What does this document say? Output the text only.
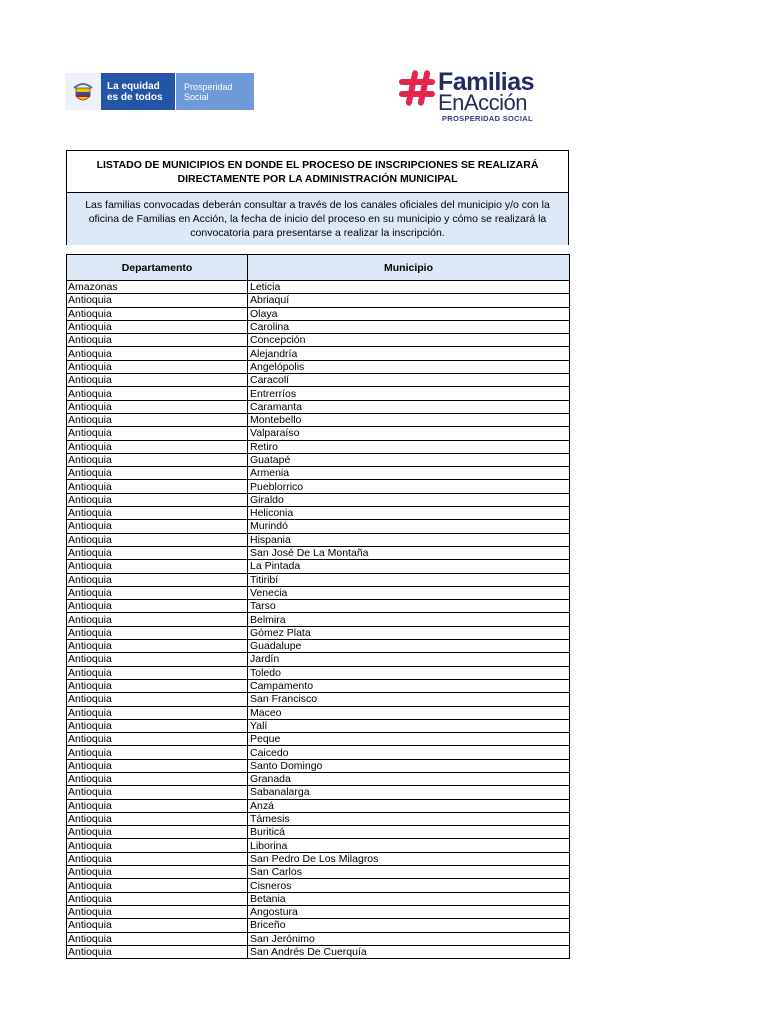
La equidad
es de todos
Prosperidad
Social
Familias
EnAcción
PROSPERIDAD SOCIAL
LISTADO DE MUNICIPIOS EN DONDE EL PROCESO DE INSCRIPCIONES SE REALIZARÁ
DIRECTAMENTE POR LA ADMINISTRACIÓN MUNICIPAL
Las familias convocadas deberán consultar a través de los canales oficiales del municipio y/o con la
oficina de Familias en Acción, la fecha de inicio del proceso en su municipio y cómo se realizará la
convocatoria para presentarse a realizar la inscripción.
Departamento	Municipio
Amazonas	Leticia
Antioquia	Abriaquí
Antioquia	Olaya
Antioquia	Carolina
Antioquia	Concepción
Antioquia	Alejandría
Antioquia	Angelópolis
Antioquia	Caracolí
Antioquia	Entrerríos
Antioquia	Caramanta
Antioquia	Montebello
Antioquia	Valparaíso
Antioquia	Retiro
Antioquia	Guatapé
Antioquia	Armenia
Antioquia	Pueblorrico
Antioquia	Giraldo
Antioquia	Heliconia
Antioquia	Murindó
Antioquia	Hispania
Antioquia	San José De La Montaña
Antioquia	La Pintada
Antioquia	Titiribí
Antioquia	Venecia
Antioquia	Tarso
Antioquia	Belmira
Antioquia	Gómez Plata
Antioquia	Guadalupe
Antioquia	Jardín
Antioquia	Toledo
Antioquia	Campamento
Antioquia	San Francisco
Antioquia	Maceo
Antioquia	Yalí
Antioquia	Peque
Antioquia	Caicedo
Antioquia	Santo Domingo
Antioquia	Granada
Antioquia	Sabanalarga
Antioquia	Anzá
Antioquia	Támesis
Antioquia	Buriticá
Antioquia	Liborina
Antioquia	San Pedro De Los Milagros
Antioquia	San Carlos
Antioquia	Cisneros
Antioquia	Betania
Antioquia	Angostura
Antioquia	Briceño
Antioquia	San Jerónimo
Antioquia	San Andrés De Cuerquía
